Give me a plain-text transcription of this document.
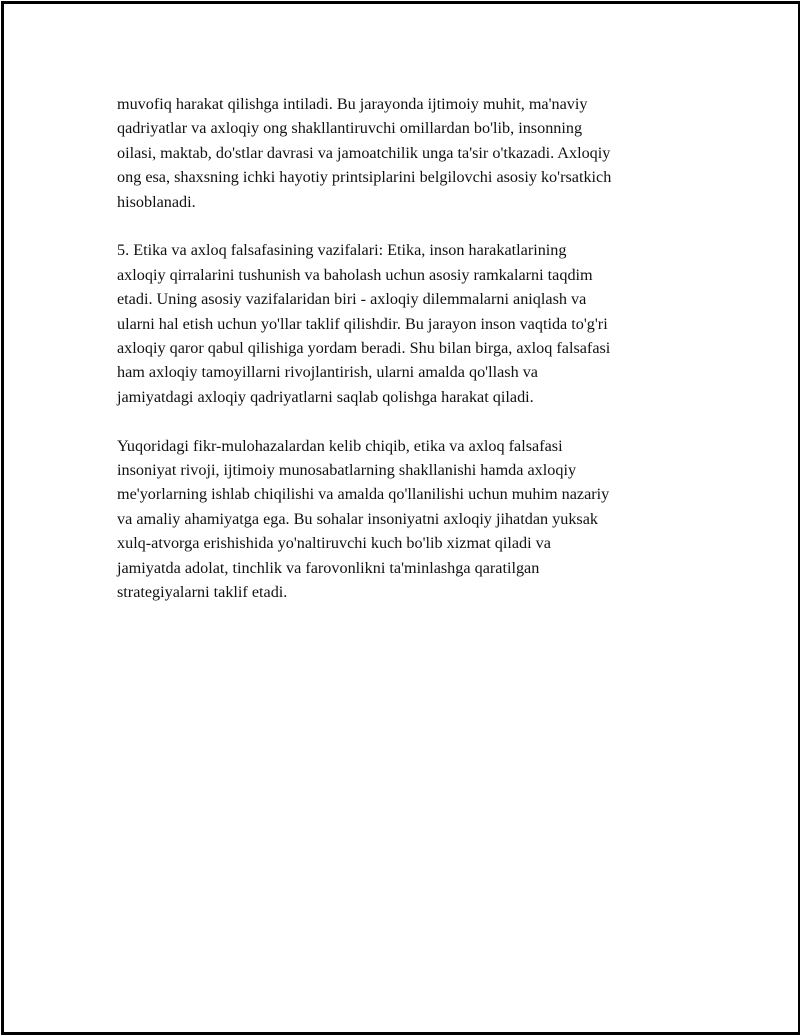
muvofiq harakat qilishga intiladi. Bu jarayonda ijtimoiy muhit, ma'naviy
qadriyatlar va axloqiy ong shakllantiruvchi omillardan bo'lib, insonning
oilasi, maktab, do'stlar davrasi va jamoatchilik unga ta'sir o'tkazadi. Axloqiy
ong esa, shaxsning ichki hayotiy printsiplarini belgilovchi asosiy ko'rsatkich
hisoblanadi.

5. Etika va axloq falsafasining vazifalari: Etika, inson harakatlarining
axloqiy qirralarini tushunish va baholash uchun asosiy ramkalarni taqdim
etadi. Uning asosiy vazifalaridan biri - axloqiy dilemmalarni aniqlash va
ularni hal etish uchun yo'llar taklif qilishdir. Bu jarayon inson vaqtida to'g'ri
axloqiy qaror qabul qilishiga yordam beradi. Shu bilan birga, axloq falsafasi
ham axloqiy tamoyillarni rivojlantirish, ularni amalda qo'llash va
jamiyatdagi axloqiy qadriyatlarni saqlab qolishga harakat qiladi.

Yuqoridagi fikr-mulohazalardan kelib chiqib, etika va axloq falsafasi
insoniyat rivoji, ijtimoiy munosabatlarning shakllanishi hamda axloqiy
me'yorlarning ishlab chiqilishi va amalda qo'llanilishi uchun muhim nazariy
va amaliy ahamiyatga ega. Bu sohalar insoniyatni axloqiy jihatdan yuksak
xulq-atvorga erishishida yo'naltiruvchi kuch bo'lib xizmat qiladi va
jamiyatda adolat, tinchlik va farovonlikni ta'minlashga qaratilgan
strategiyalarni taklif etadi.
